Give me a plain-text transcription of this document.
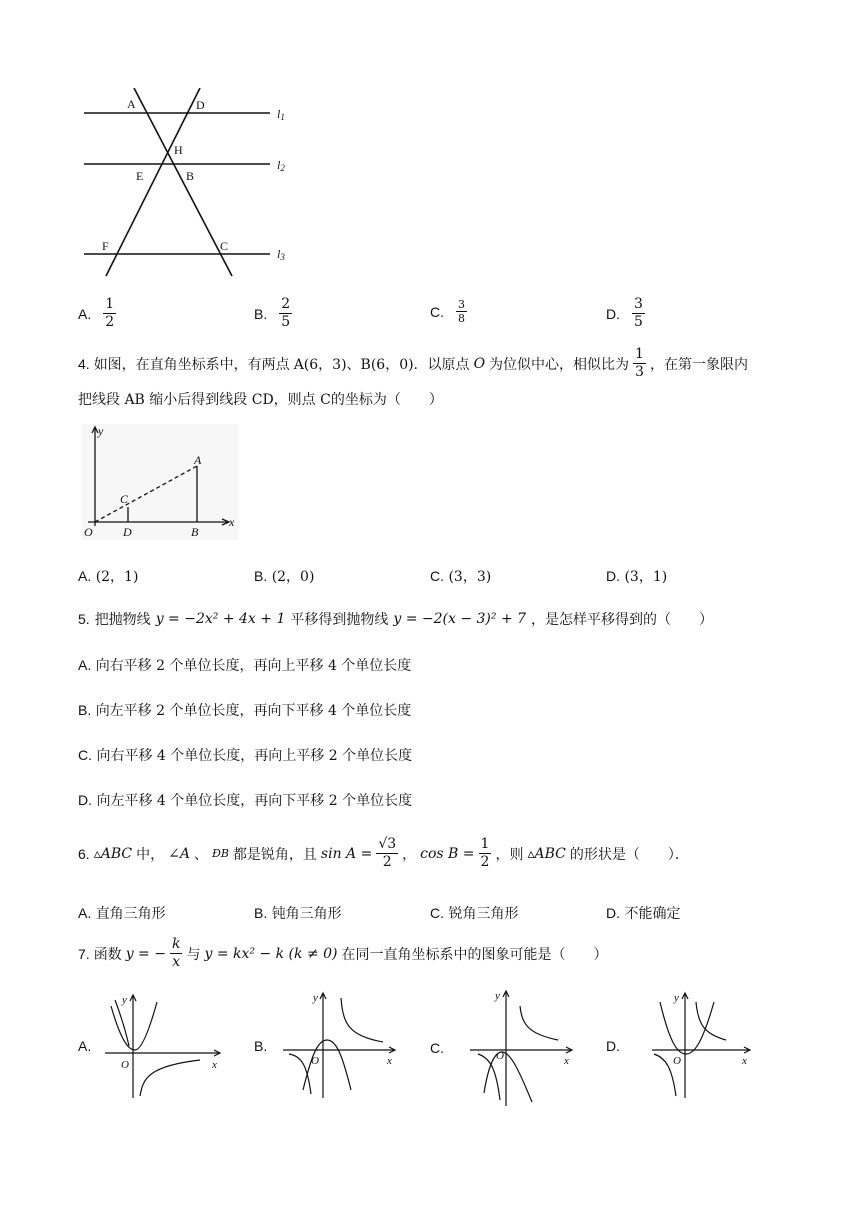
A	D
H
E	B
F	C
l1
l2
l3
A. $\frac{1}{2}$	B. $\frac{2}{5}$	C. $\frac{3}{8}$	D. $\frac{3}{5}$
4. 如图，在直角坐标系中，有两点 A(6，3)、B(6，0)．以原点 O 为位似中心，相似比为 $\frac{1}{3}$ ，在第一象限内
把线段 AB 缩小后得到线段 CD，则点 C的坐标为（　　）
y
x
A
C
O	D	B
A. (2，1)	B. (2，0)	C. (3，3)	D. (3，1)
5. 把抛物线 y = −2x² + 4x + 1 平移得到抛物线 y = −2(x − 3)² + 7 ，是怎样平移得到的（　　）
A. 向右平移 2 个单位长度，再向上平移 4 个单位长度
B. 向左平移 2 个单位长度，再向下平移 4 个单位长度
C. 向右平移 4 个单位长度，再向上平移 2 个单位长度
D. 向左平移 4 个单位长度，再向下平移 2 个单位长度
6. ▵ABC 中， ∠A 、 ÐB 都是锐角，且 $\sin A = \frac{√3}{2}$ ， $\cos B = \frac{1}{2}$ ，则 ▵ABC 的形状是（　　）．
A. 直角三角形	B. 钝角三角形	C. 锐角三角形	D. 不能确定
7. 函数 y = − $\frac{k}{x}$ 与 y = kx² − k (k ≠ 0) 在同一直角坐标系中的图象可能是（　　）
A.
y
x
O
B.
y
x
O
C.
y
x
O
D.
y
x
O
